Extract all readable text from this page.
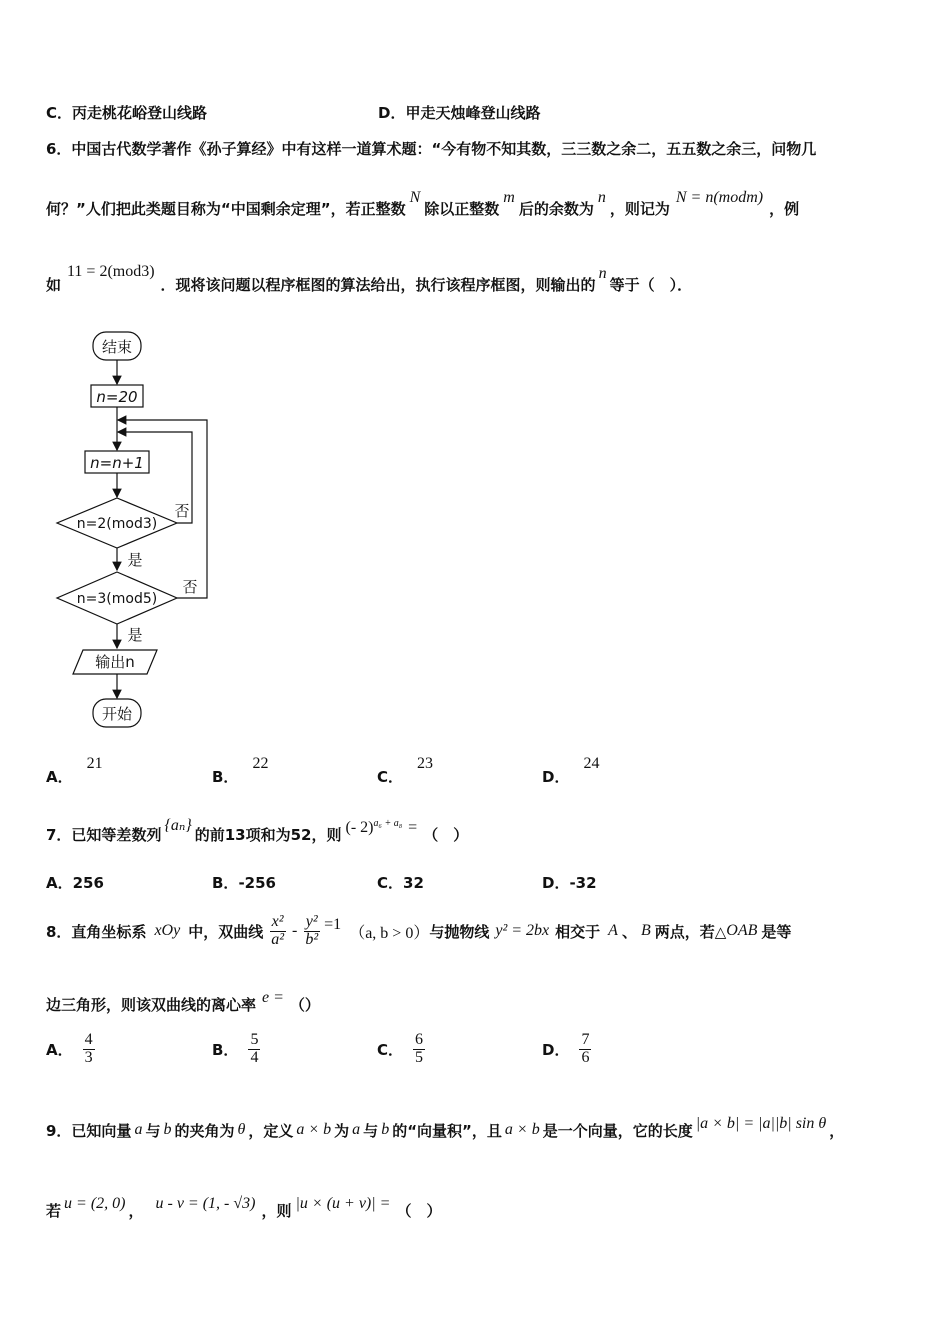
C．丙走桃花峪登山线路	D．甲走天烛峰登山线路
6．中国古代数学著作《孙子算经》中有这样一道算术题：“今有物不知其数，三三数之余二，五五数之余三，问物几
何？”人们把此类题目称为“中国剩余定理”，若正整数N除以正整数m后的余数为n，则记为N = n(modm)，例
如11 = 2(mod3)．现将该问题以程序框图的算法给出，执行该程序框图，则输出的n等于（　）．
结束
n=20
n=n+1
n=2(mod3)
n=3(mod5)
输出n
开始
否
是
否
是
A．21
B．22
C．23
D．24
7．已知等差数列{aₙ}的前13项和为52，则 (- 2)$^{a_6 + a_8}$ = （　）
A．256	B．-256	C．32	D．-32
8．直角坐标系 xOy 中，双曲线 $\frac{\text{x²}}{\text{a²}} - \frac{\text{y²}}{\text{b²}} =1$ （a, b > 0） 与抛物线 y² = 2bx 相交于 A 、 B 两点，若△ OAB 是等
边三角形，则该双曲线的离心率 e = （）
A． $\frac{4}{3}$	B． $\frac{5}{4}$	C． $\frac{6}{5}$	D． $\frac{7}{6}$
9．已知向量 a 与 b 的夹角为 θ ，定义 a × b 为 a 与 b 的“向量积”，且 a × b 是一个向量，它的长度 |a × b| = |a||b| sin θ ，
若 u = (2, 0) ， u - v = (1, - √3) ，则 |u × (u + v)| = （　）
